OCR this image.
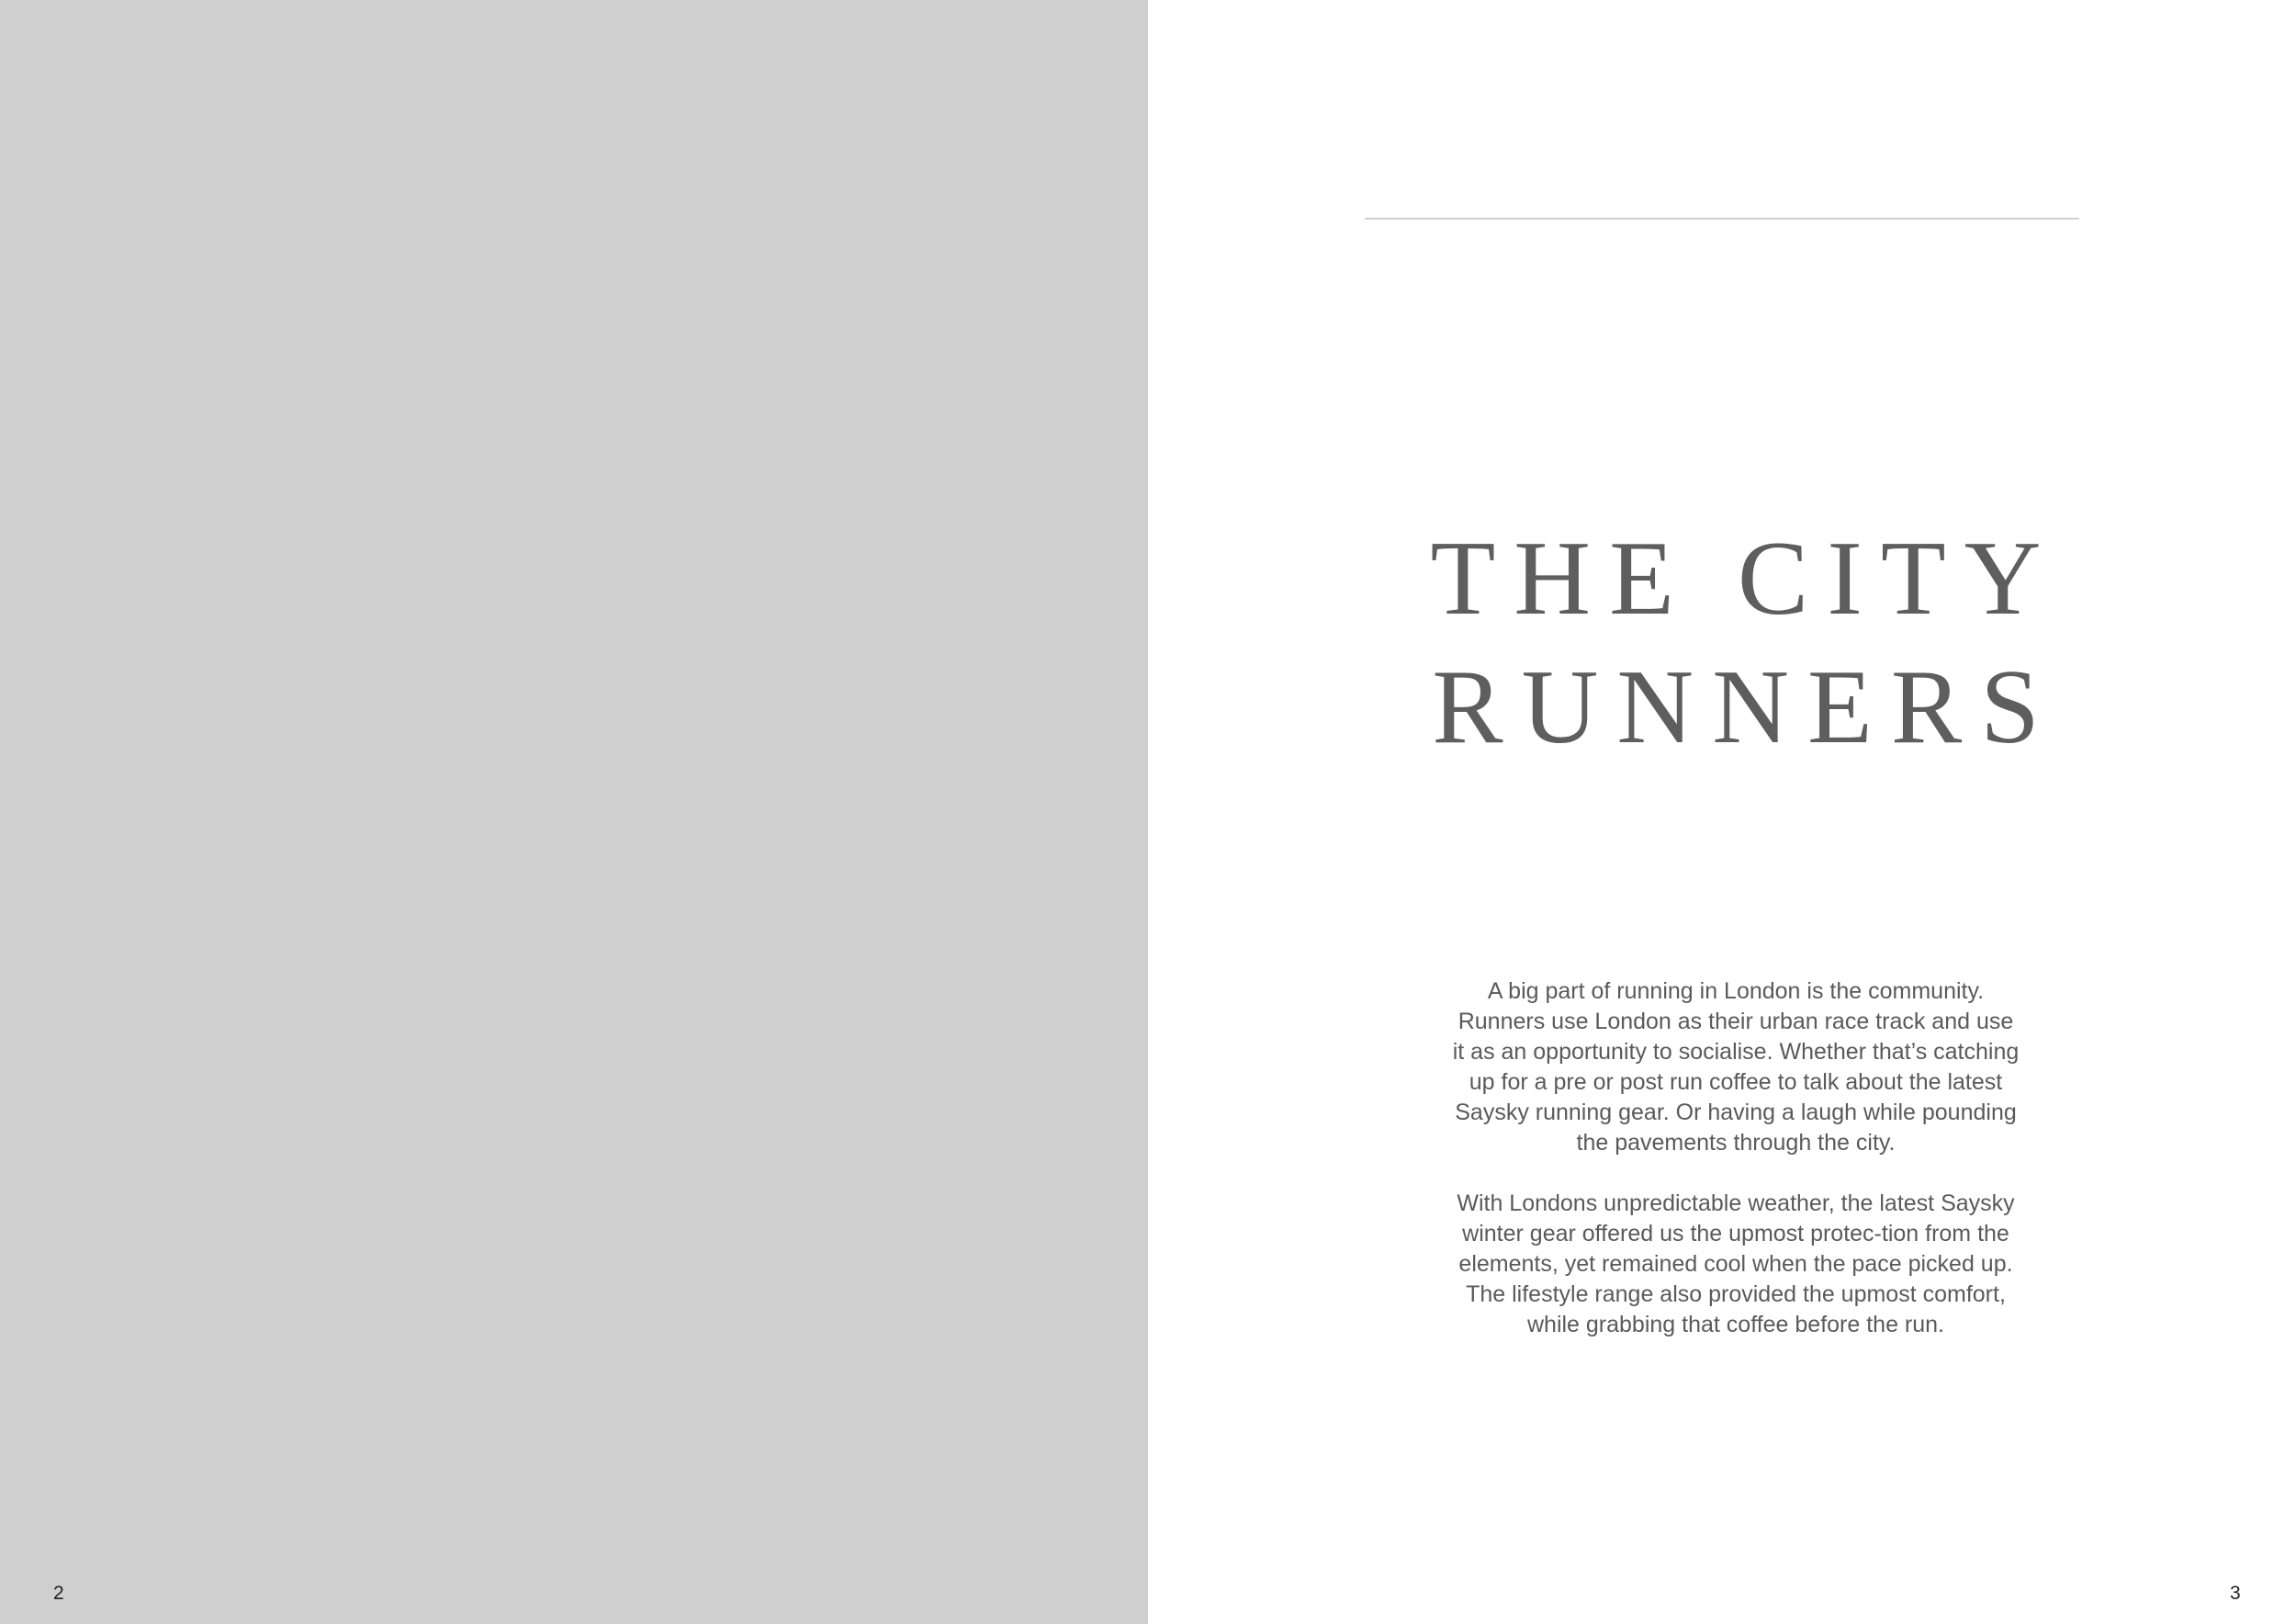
2
THE CITY
RUNNERS

A big part of running in London is the community. Runners use London as their urban race track and use it as an opportunity to socialise. Whether that’s catching up for a pre or post run coffee to talk about the latest Saysky running gear. Or having a laugh while pounding the pavements through the city.

With Londons unpredictable weather, the latest Saysky winter gear offered us the upmost protec-tion from the elements, yet remained cool when the pace picked up. The lifestyle range also provided the upmost comfort, while grabbing that coffee before the run.

3
